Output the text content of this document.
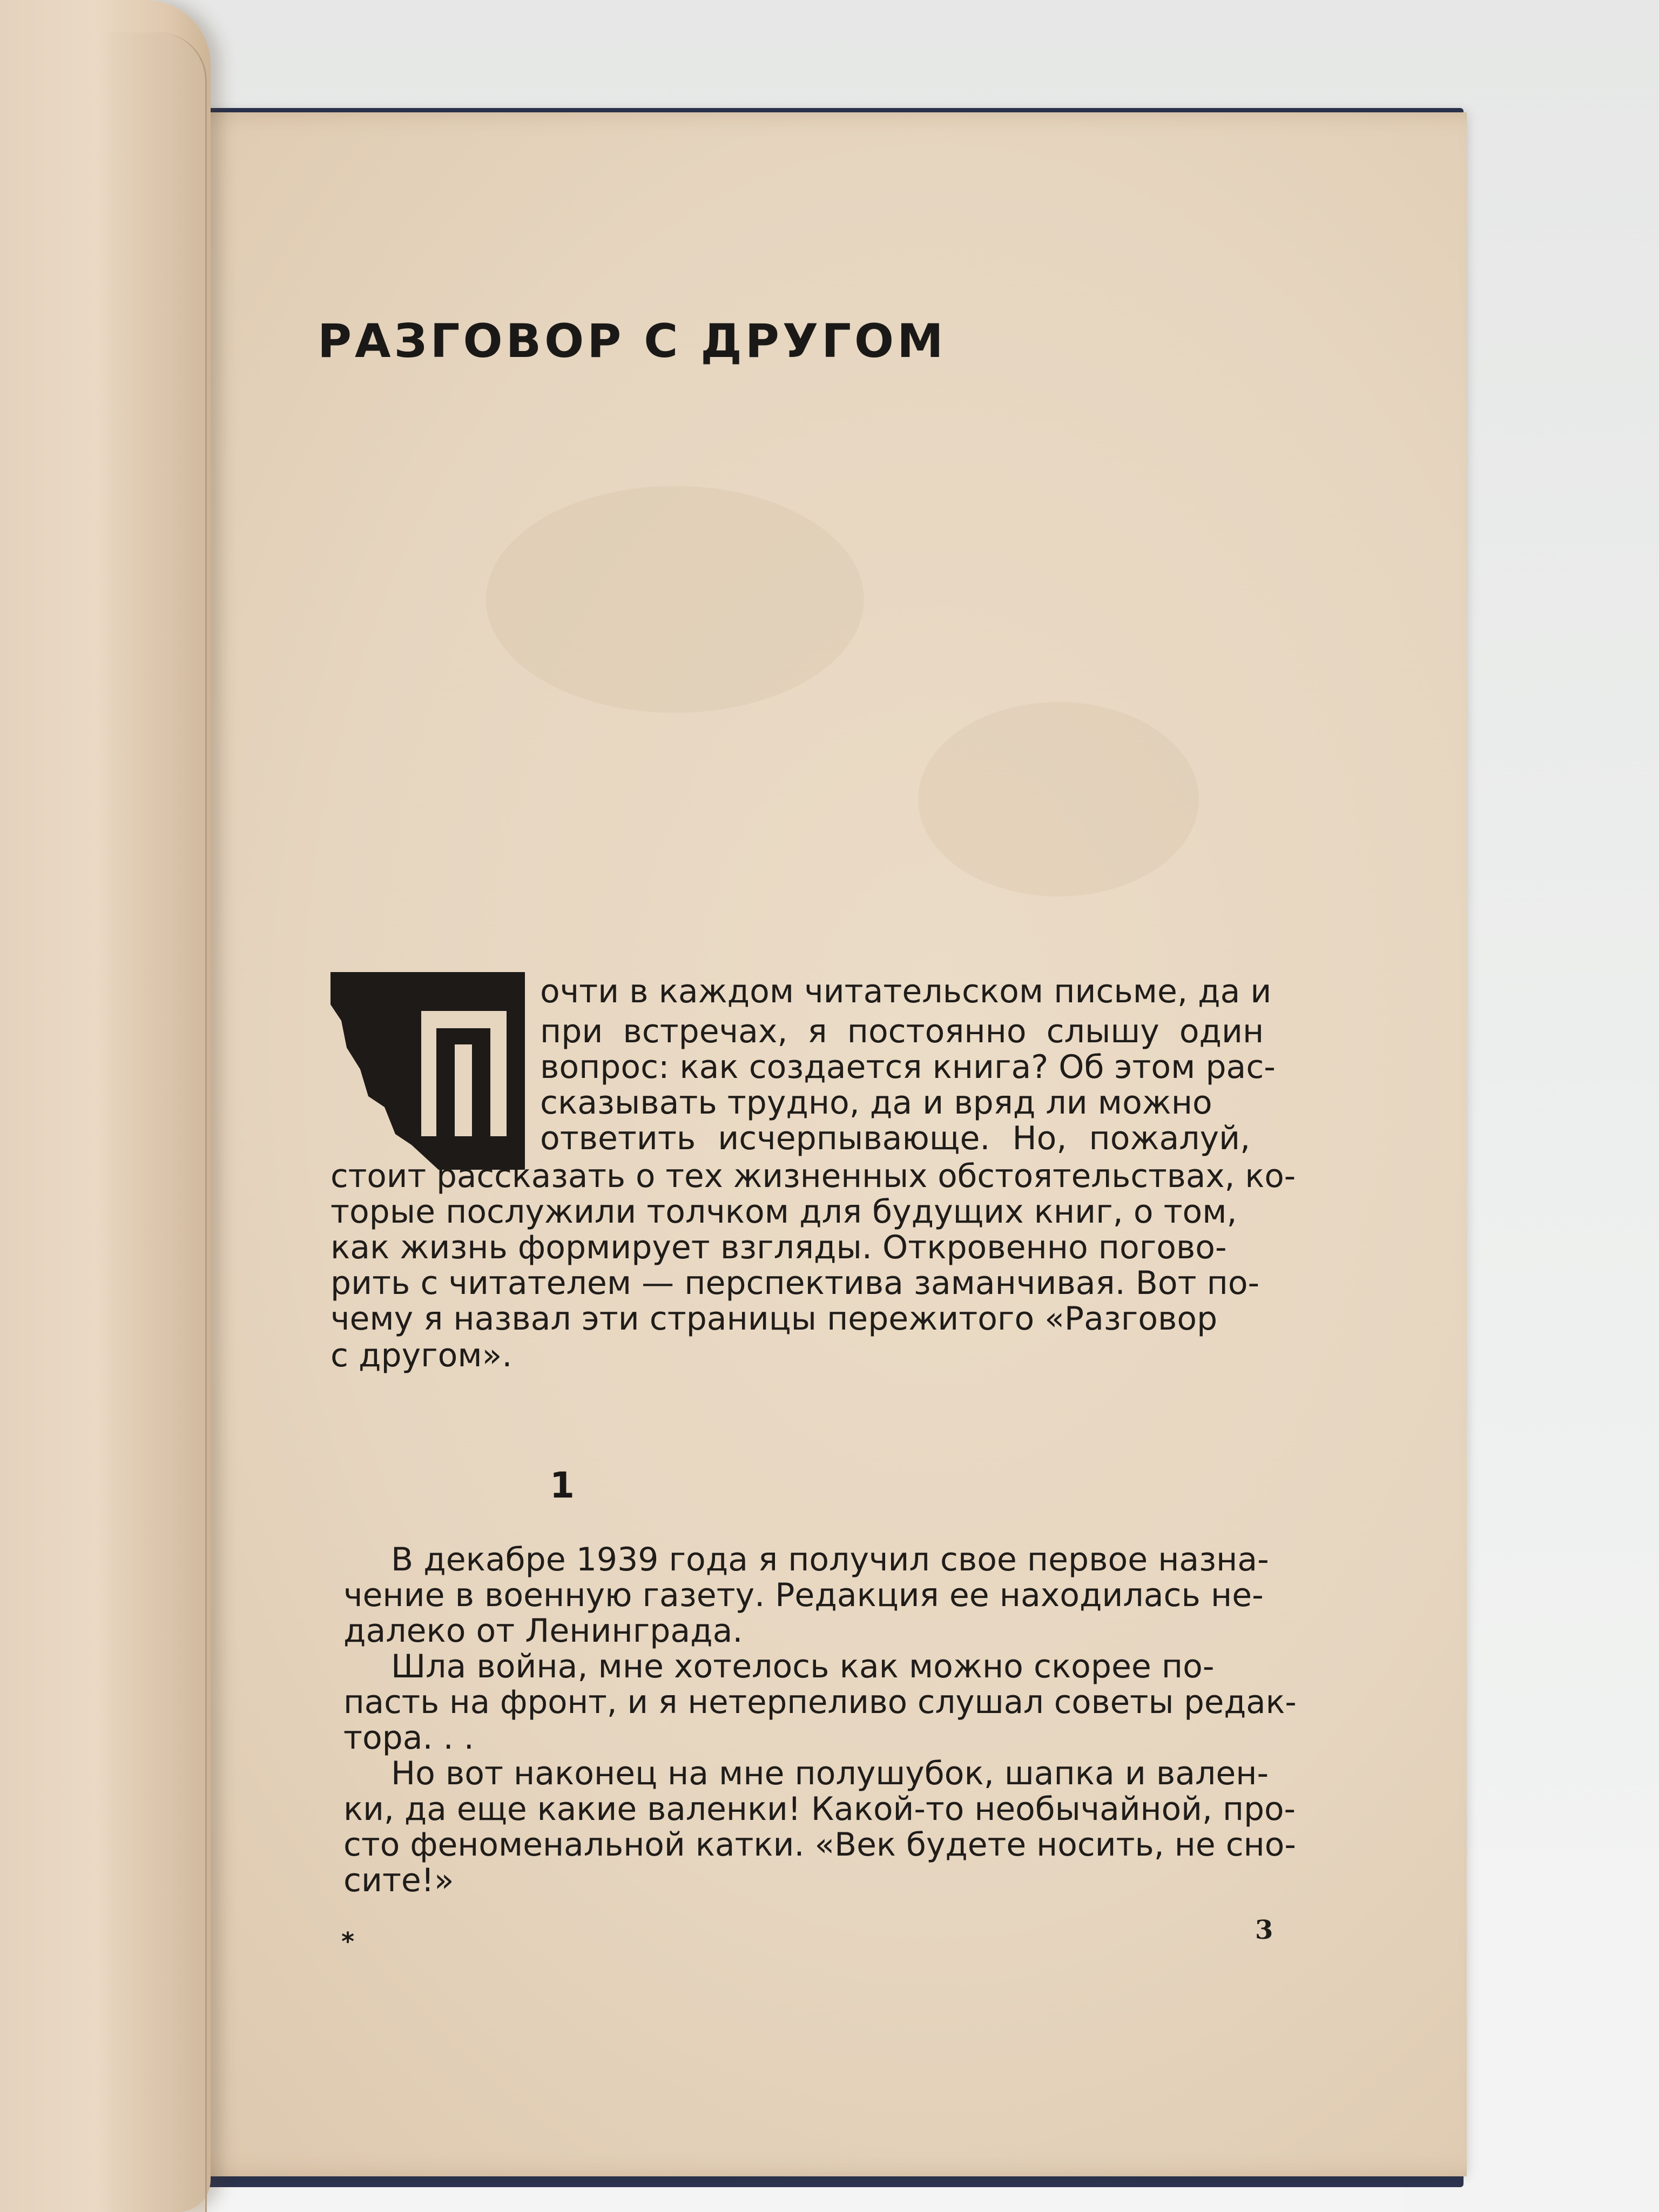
РАЗГОВОР С ДРУГОМ

очти в каждом читательском письме, да и

при встречах, я постоянно слышу один

вопрос: как создается книга? Об этом рас-

сказывать трудно, да и вряд ли можно

ответить исчерпывающе. Но, пожалуй,

стоит рассказать о тех жизненных обстоятельствах, ко-

торые послужили толчком для будущих книг, о том,

как жизнь формирует взгляды. Откровенно погово-

рить с читателем — перспектива заманчивая. Вот по-

чему я назвал эти страницы пережитого «Разговор

с другом».

1

В декабре 1939 года я получил свое первое назна-

чение в военную газету. Редакция ее находилась не-

далеко от Ленинграда.

Шла война, мне хотелось как можно скорее по-

пасть на фронт, и я нетерпеливо слушал советы редак-

тора. . .

Но вот наконец на мне полушубок, шапка и вален-

ки, да еще какие валенки! Какой-то необычайной, про-

сто феноменальной катки. «Век будете носить, не сно-

сите!»

*	3
